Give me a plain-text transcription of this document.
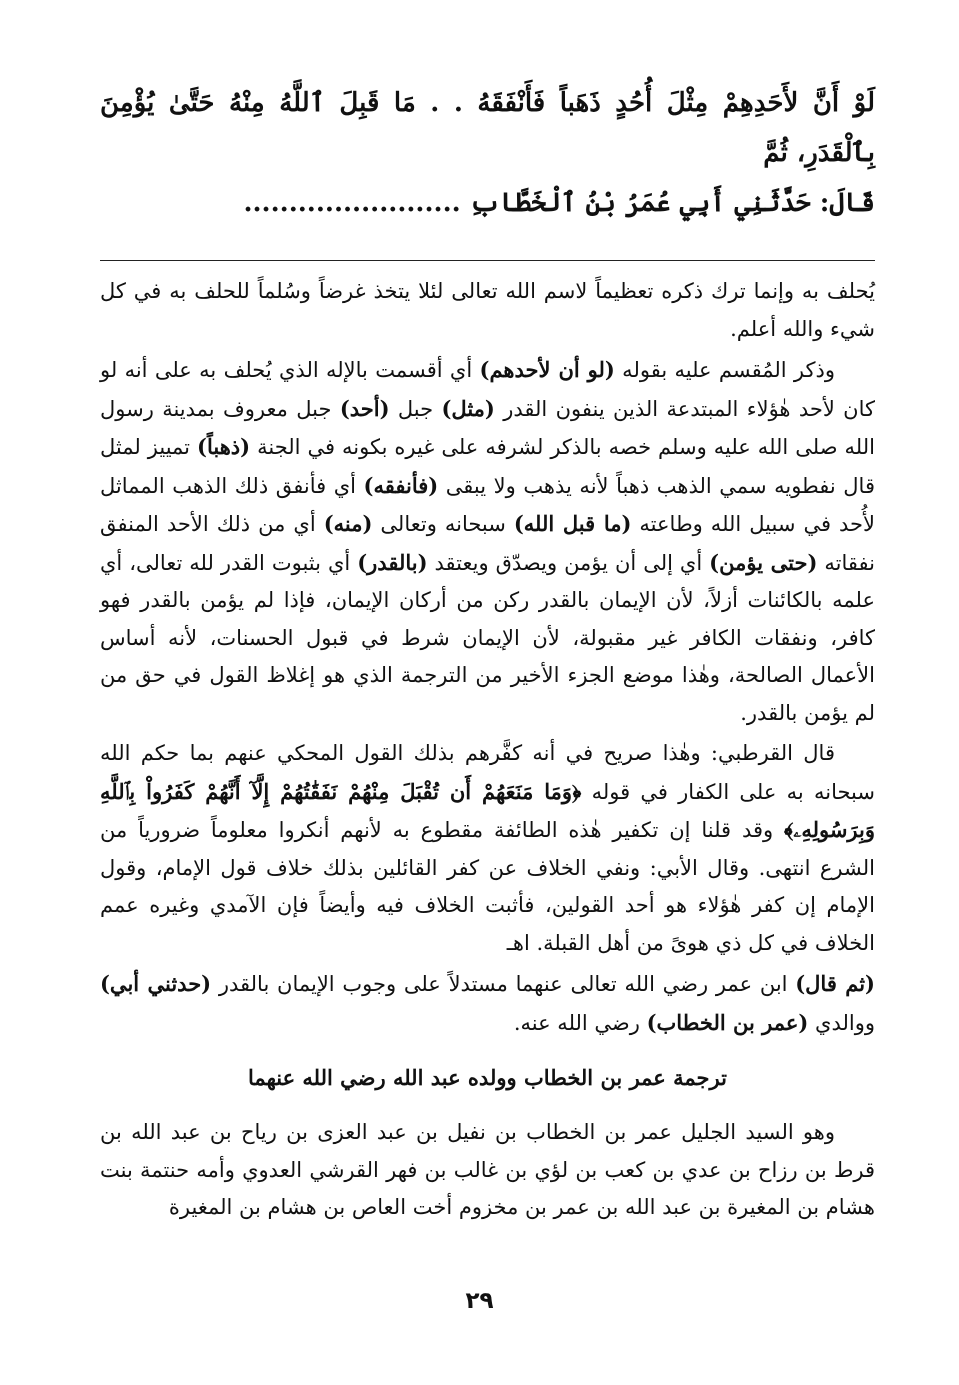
لَوْ أَنَّ لأَحَدِهِمْ مِثْلَ أُحُدٍ ذَهَباً فَأَنْفَقَهُ . . مَا قَبِلَ ٱللَّهُ مِنْهُ حَتَّىٰ يُؤْمِنَ بِٱلْقَدَرِ، ثُمَّ
قَالَ: حَدَّثَنِي أَبِي عُمَرُ بْنُ ٱلْخَطَّابِ ........................

يُحلف به وإنما ترك ذكره تعظيماً لاسم الله تعالى لئلا يتخذ غرضاً وسُلماً للحلف به في كل شيء والله أعلم.

وذكر المُقسم عليه بقوله (لو أن لأحدهم) أي أقسمت بالإله الذي يُحلف به على أنه لو كان لأحد هٰؤلاء المبتدعة الذين ينفون القدر (مثل) جبل (أحد) جبل معروف بمدينة رسول الله صلى الله عليه وسلم خصه بالذكر لشرفه على غيره بكونه في الجنة (ذهباً) تمييز لمثل قال نفطويه سمي الذهب ذهباً لأنه يذهب ولا يبقى (فأنفقه) أي فأنفق ذلك الذهب المماثل لأُحد في سبيل الله وطاعته (ما قبل الله) سبحانه وتعالى (منه) أي من ذلك الأحد المنفق نفقاته (حتى يؤمن) أي إلى أن يؤمن ويصدّق ويعتقد (بالقدر) أي بثبوت القدر لله تعالى، أي علمه بالكائنات أزلاً، لأن الإيمان بالقدر ركن من أركان الإيمان، فإذا لم يؤمن بالقدر فهو كافر، ونفقات الكافر غير مقبولة، لأن الإيمان شرط في قبول الحسنات، لأنه أساس الأعمال الصالحة، وهٰذا موضع الجزء الأخير من الترجمة الذي هو إغلاظ القول في حق من لم يؤمن بالقدر.

قال القرطبي: وهٰذا صريح في أنه كفَّرهم بذلك القول المحكي عنهم بما حكم الله سبحانه به على الكفار في قوله ﴿وَمَا مَنَعَهُمْ أَن تُقْبَلَ مِنْهُمْ نَفَقَٰتُهُمْ إِلَّآ أَنَّهُمْ كَفَرُواْ بِٱللَّهِ وَبِرَسُولِهِۦ﴾ وقد قلنا إن تكفير هٰذه الطائفة مقطوع به لأنهم أنكروا معلوماً ضرورياً من الشرع انتهى. وقال الأبي: ونفي الخلاف عن كفر القائلين بذلك خلاف قول الإمام، وقول الإمام إن كفر هٰؤلاء هو أحد القولين، فأثبت الخلاف فيه وأيضاً فإن الآمدي وغيره عمم الخلاف في كل ذي هوىً من أهل القبلة. اهـ

(ثم قال) ابن عمر رضي الله تعالى عنهما مستدلاً على وجوب الإيمان بالقدر (حدثني أبي) ووالدي (عمر بن الخطاب) رضي الله عنه.

ترجمة عمر بن الخطاب وولده عبد الله رضي الله عنهما

وهو السيد الجليل عمر بن الخطاب بن نفيل بن عبد العزى بن رياح بن عبد الله بن قرط بن رزاح بن عدي بن كعب بن لؤي بن غالب بن فهر القرشي العدوي وأمه حنتمة بنت هشام بن المغيرة بن عبد الله بن عمر بن مخزوم أخت العاص بن هشام بن المغيرة

٢٩
